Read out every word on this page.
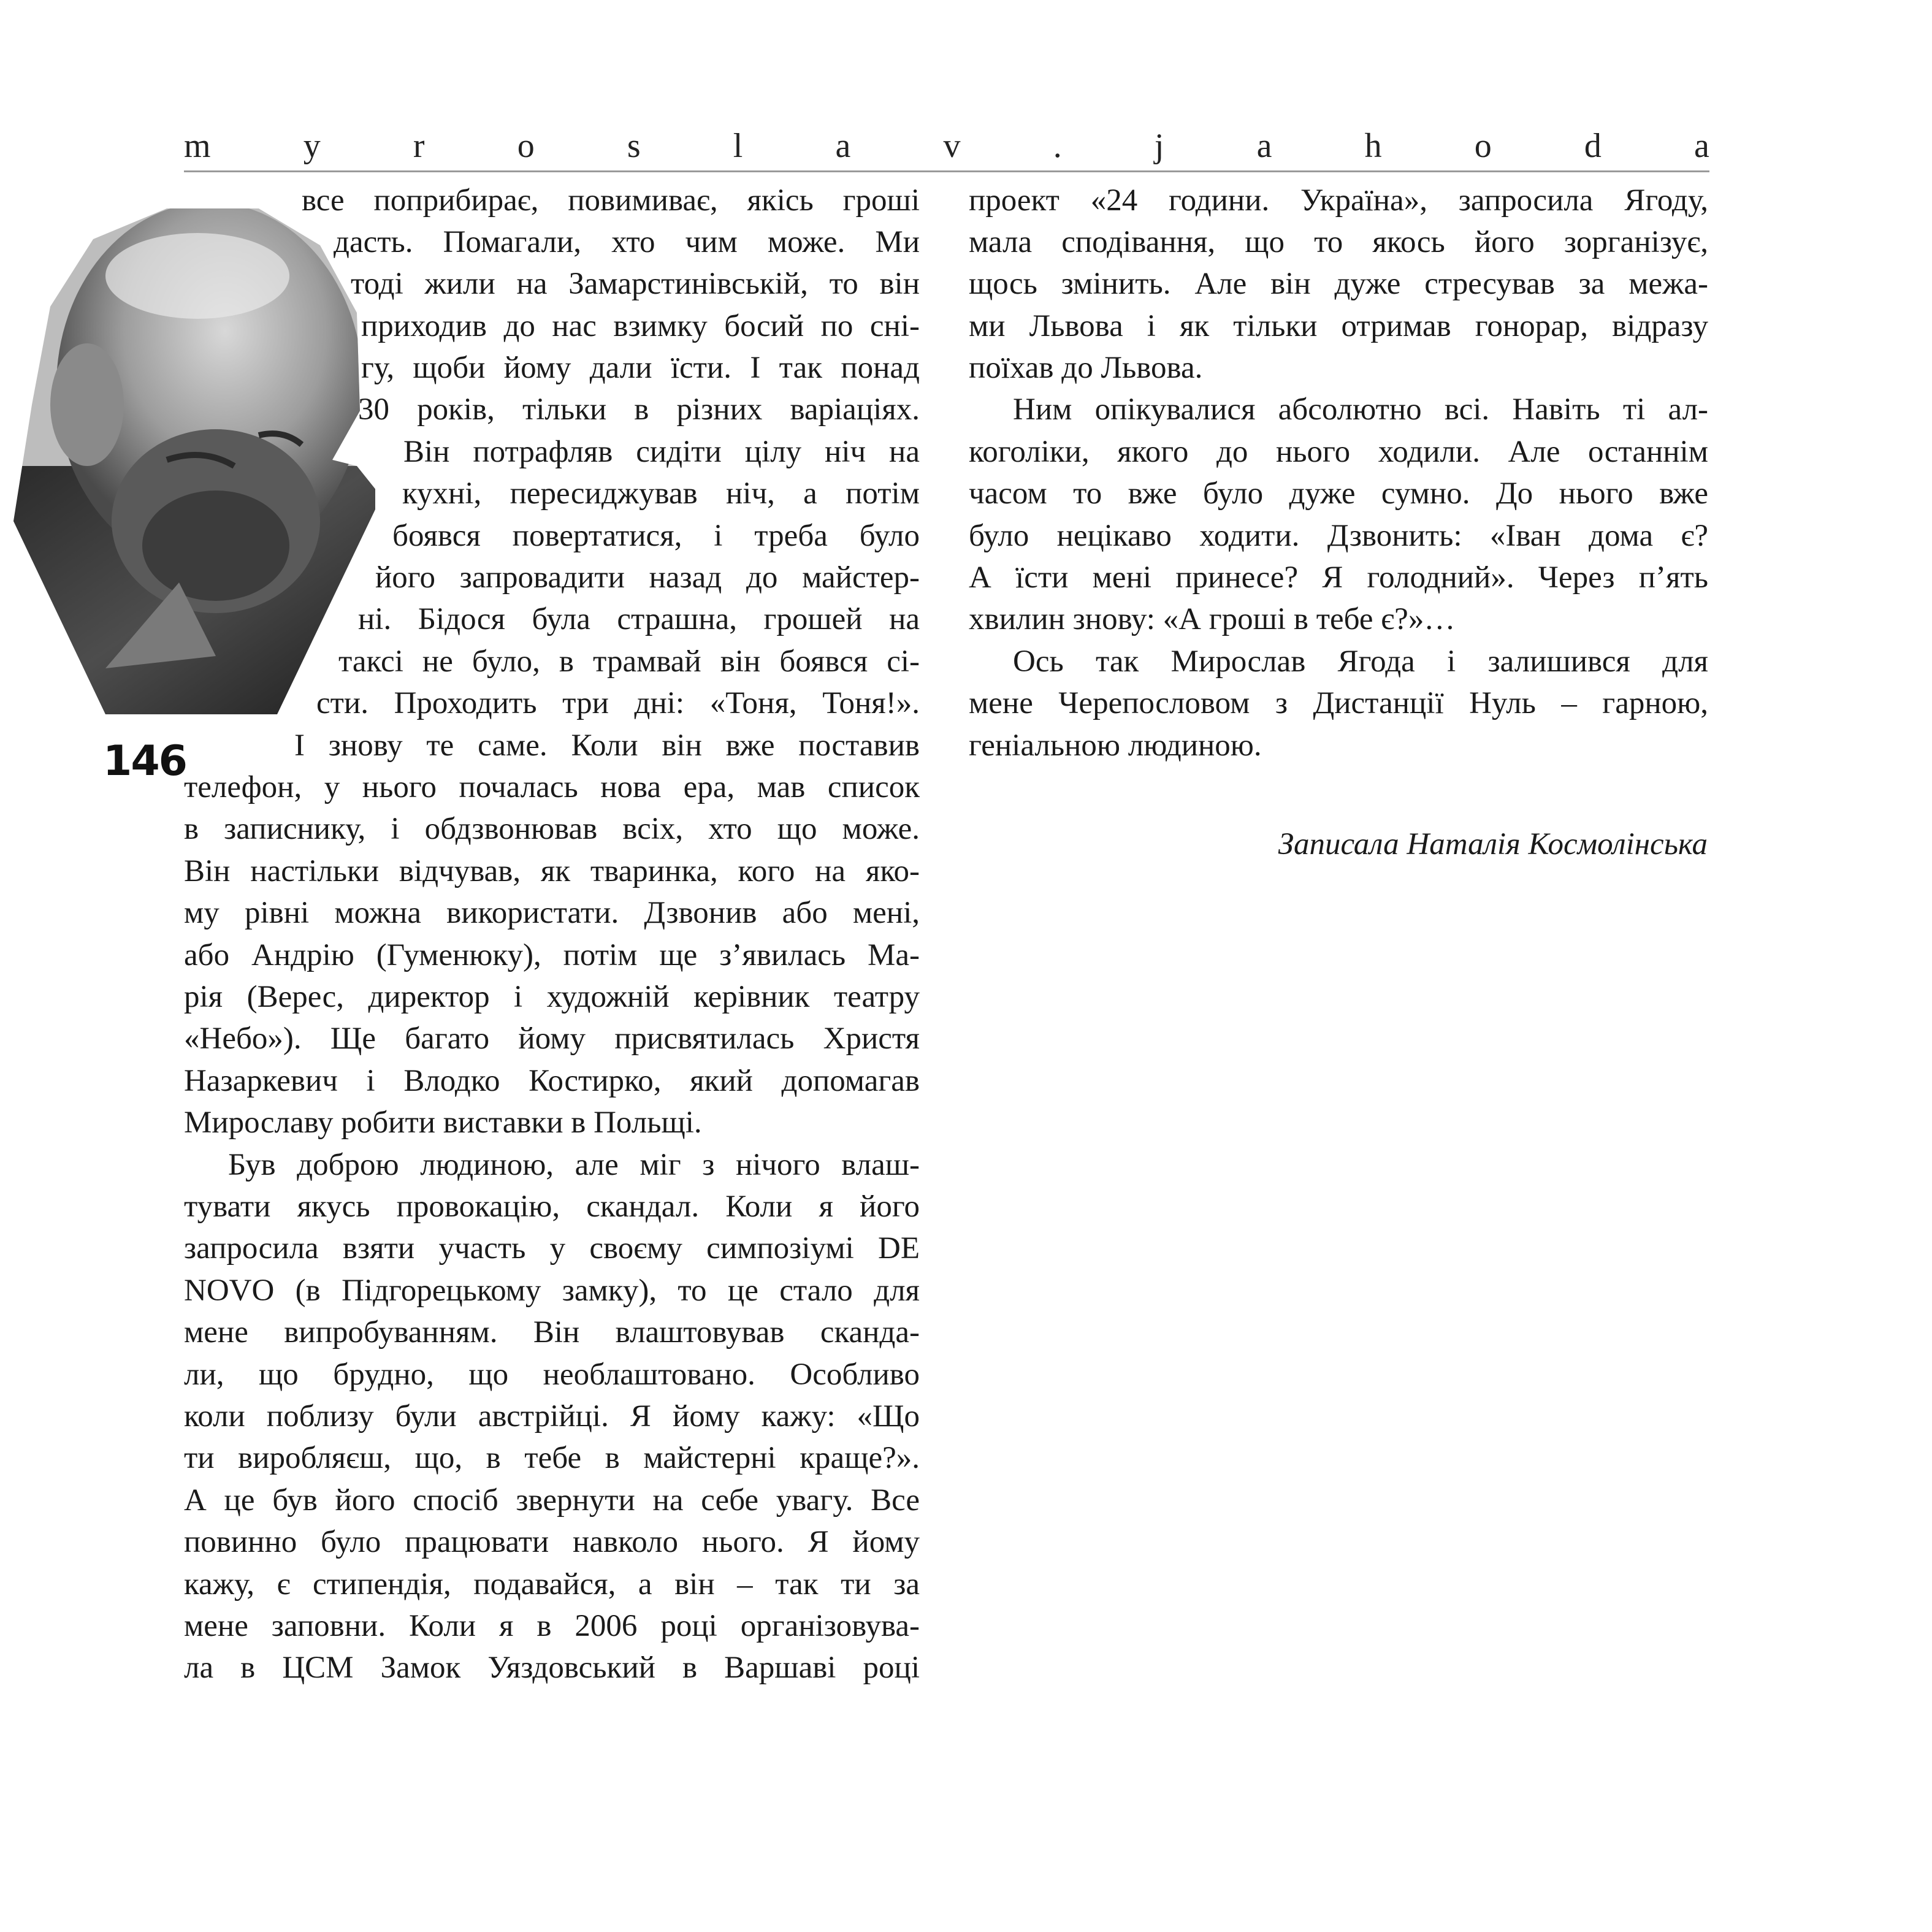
m	y	r	o	s	l	a	v	.	j	a	h	o	d	a
146
все поприбирає, повимиває, якісь гроші
дасть. Помагали, хто чим може. Ми
тоді жили на Замарстинівській, то він
приходив до нас взимку босий по сні-
гу, щоби йому дали їсти. І так понад
30 років, тільки в різних варіаціях.
Він потрафляв сидіти цілу ніч на
кухні, пересиджував ніч, а потім
боявся повертатися, і треба було
його запровадити назад до майстер-
ні. Бідося була страшна, грошей на
таксі не було, в трамвай він боявся сі-
сти. Проходить три дні: «Тоня, Тоня!».
І знову те саме. Коли він вже поставив
телефон, у нього почалась нова ера, мав список
в записнику, і обдзвонював всіх, хто що може.
Він настільки відчував, як тваринка, кого на яко-
му рівні можна використати. Дзвонив або мені,
або Андрію (Гуменюку), потім ще з’явилась Ма-
рія (Верес, директор і художній керівник театру
«Небо»). Ще багато йому присвятилась Христя
Назаркевич і Влодко Костирко, який допомагав
Мирославу робити виставки в Польщі.
Був доброю людиною, але міг з нічого влаш-
тувати якусь провокацію, скандал. Коли я його
запросила взяти участь у своєму симпозіумі DE
NOVO (в Підгорецькому замку), то це стало для
мене випробуванням. Він влаштовував сканда-
ли, що брудно, що необлаштовано. Особливо
коли поблизу були австрійці. Я йому кажу: «Що
ти виробляєш, що, в тебе в майстерні краще?».
А це був його спосіб звернути на себе увагу. Все
повинно було працювати навколо нього. Я йому
кажу, є стипендія, подавайся, а він – так ти за
мене заповни. Коли я в 2006 році організовува-
ла в ЦСМ Замок Уяздовський в Варшаві році
проект «24 години. Україна», запросила Ягоду,
мала сподівання, що то якось його зорганізує,
щось змінить. Але він дуже стресував за межа-
ми Львова і як тільки отримав гонорар, відразу
поїхав до Львова.
Ним опікувалися абсолютно всі. Навіть ті ал-
коголіки, якого до нього ходили. Але останнім
часом то вже було дуже сумно. До нього вже
було нецікаво ходити. Дзвонить: «Іван дома є?
А їсти мені принесе? Я голодний». Через п’ять
хвилин знову: «А гроші в тебе є?»…
Ось так Мирослав Ягода і залишився для
мене Черепословом з Дистанції Нуль – гарною,
геніальною людиною.
Записала Наталія Космолінська
